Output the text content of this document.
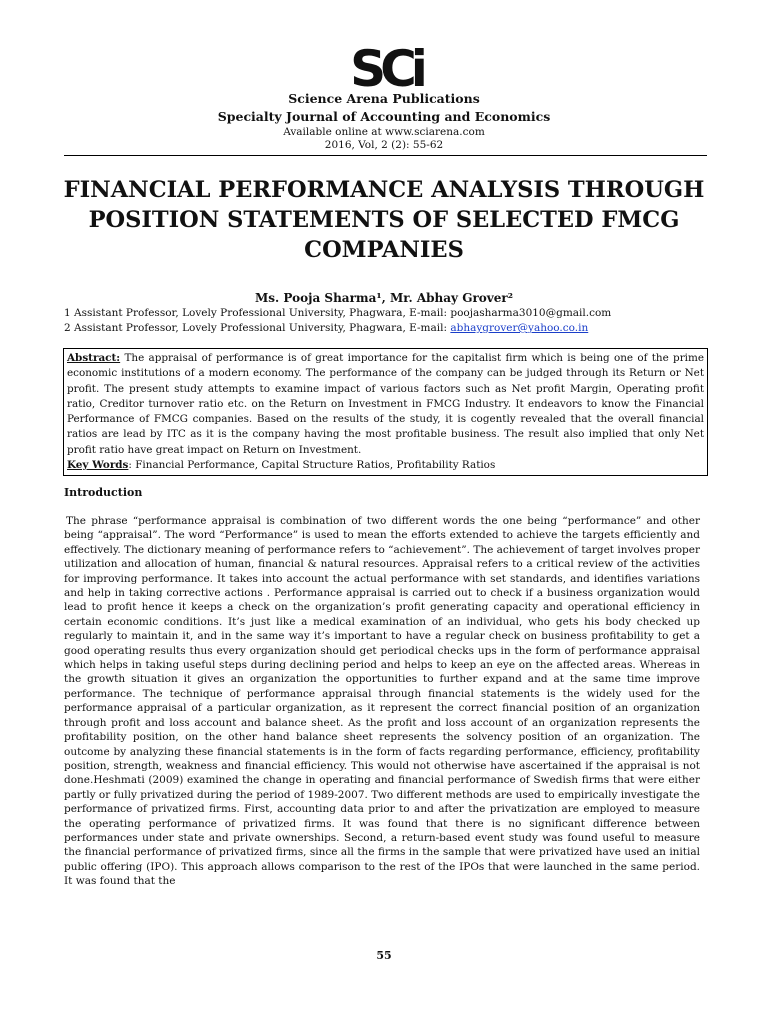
SCi
Science Arena Publications
Specialty Journal of Accounting and Economics
Available online at www.sciarena.com
2016, Vol, 2 (2): 55-62
FINANCIAL PERFORMANCE ANALYSIS THROUGH POSITION STATEMENTS OF SELECTED FMCG COMPANIES
Ms. Pooja Sharma¹, Mr. Abhay Grover²
1 Assistant Professor, Lovely Professional University, Phagwara, E-mail: poojasharma3010@gmail.com
2 Assistant Professor, Lovely Professional University, Phagwara, E-mail: abhaygrover@yahoo.co.in
Abstract: The appraisal of performance is of great importance for the capitalist firm which is being one of the prime economic institutions of a modern economy. The performance of the company can be judged through its Return or Net profit. The present study attempts to examine impact of various factors such as Net profit Margin, Operating profit ratio, Creditor turnover ratio etc. on the Return on Investment in FMCG Industry. It endeavors to know the Financial Performance of FMCG companies. Based on the results of the study, it is cogently revealed that the overall financial ratios are lead by ITC as it is the company having the most profitable business. The result also implied that only Net profit ratio have great impact on Return on Investment.
Key Words: Financial Performance, Capital Structure Ratios, Profitability Ratios
Introduction
The phrase “performance appraisal is combination of two different words the one being “performance” and other being “appraisal”. The word “Performance” is used to mean the efforts extended to achieve the targets efficiently and effectively. The dictionary meaning of performance refers to “achievement”. The achievement of target involves proper utilization and allocation of human, financial & natural resources. Appraisal refers to a critical review of the activities for improving performance. It takes into account the actual performance with set standards, and identifies variations and help in taking corrective actions . Performance appraisal is carried out to check if a business organization would lead to profit hence it keeps a check on the organization’s profit generating capacity and operational efficiency in certain economic conditions. It’s just like a medical examination of an individual, who gets his body checked up regularly to maintain it, and in the same way it’s important to have a regular check on business profitability to get a good operating results thus every organization should get periodical checks ups in the form of performance appraisal which helps in taking useful steps during declining period and helps to keep an eye on the affected areas. Whereas in the growth situation it gives an organization the opportunities to further expand and at the same time improve performance. The technique of performance appraisal through financial statements is the widely used for the performance appraisal of a particular organization, as it represent the correct financial position of an organization through profit and loss account and balance sheet. As the profit and loss account of an organization represents the profitability position, on the other hand balance sheet represents the solvency position of an organization. The outcome by analyzing these financial statements is in the form of facts regarding performance, efficiency, profitability position, strength, weakness and financial efficiency. This would not otherwise have ascertained if the appraisal is not done.Heshmati (2009) examined the change in operating and financial performance of Swedish firms that were either partly or fully privatized during the period of 1989-2007. Two different methods are used to empirically investigate the performance of privatized firms. First, accounting data prior to and after the privatization are employed to measure the operating performance of privatized firms. It was found that there is no significant difference between performances under state and private ownerships. Second, a return-based event study was found useful to measure the financial performance of privatized firms, since all the firms in the sample that were privatized have used an initial public offering (IPO). This approach allows comparison to the rest of the IPOs that were launched in the same period. It was found that the
55
